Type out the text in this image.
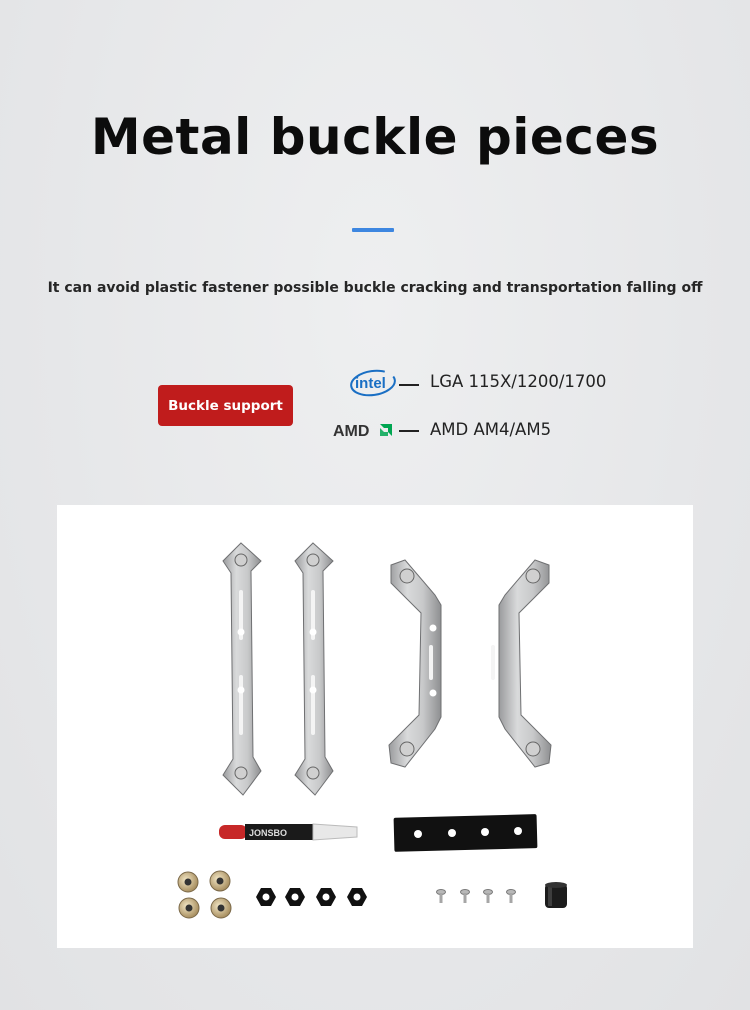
Metal buckle pieces
It can avoid plastic fastener possible buckle cracking and transportation falling off
Buckle support
intel	LGA 115X/1200/1700
AMD	AMD AM4/AM5
JONSBO
